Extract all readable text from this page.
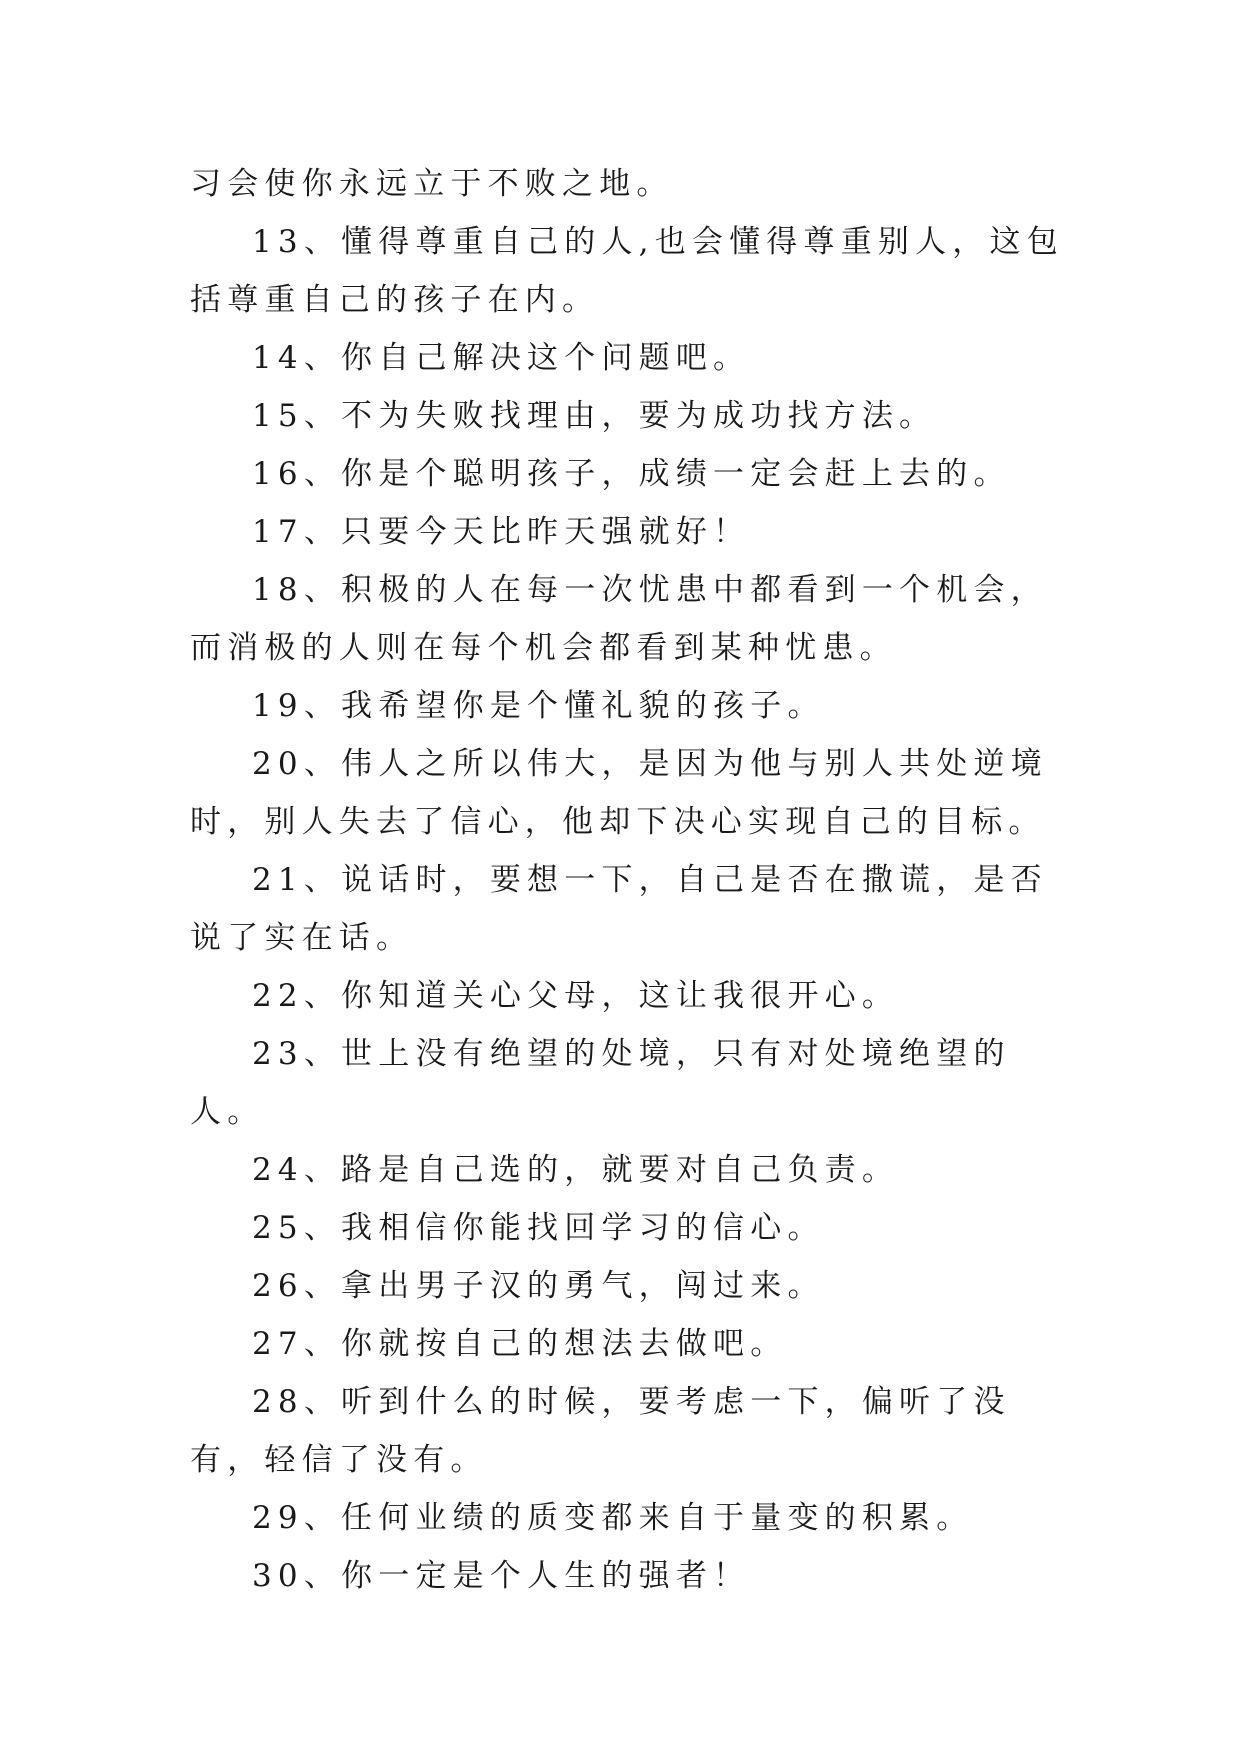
习会使你永远立于不败之地。

13、懂得尊重自己的人,也会懂得尊重别人，这包括尊重自己的孩子在内。

14、你自己解决这个问题吧。

15、不为失败找理由，要为成功找方法。

16、你是个聪明孩子，成绩一定会赶上去的。

17、只要今天比昨天强就好！

18、积极的人在每一次忧患中都看到一个机会，而消极的人则在每个机会都看到某种忧患。

19、我希望你是个懂礼貌的孩子。

20、伟人之所以伟大，是因为他与别人共处逆境时，别人失去了信心，他却下决心实现自己的目标。

21、说话时，要想一下，自己是否在撒谎，是否说了实在话。

22、你知道关心父母，这让我很开心。

23、世上没有绝望的处境，只有对处境绝望的人。

24、路是自己选的，就要对自己负责。

25、我相信你能找回学习的信心。

26、拿出男子汉的勇气，闯过来。

27、你就按自己的想法去做吧。

28、听到什么的时候，要考虑一下，偏听了没有，轻信了没有。

29、任何业绩的质变都来自于量变的积累。

30、你一定是个人生的强者！
